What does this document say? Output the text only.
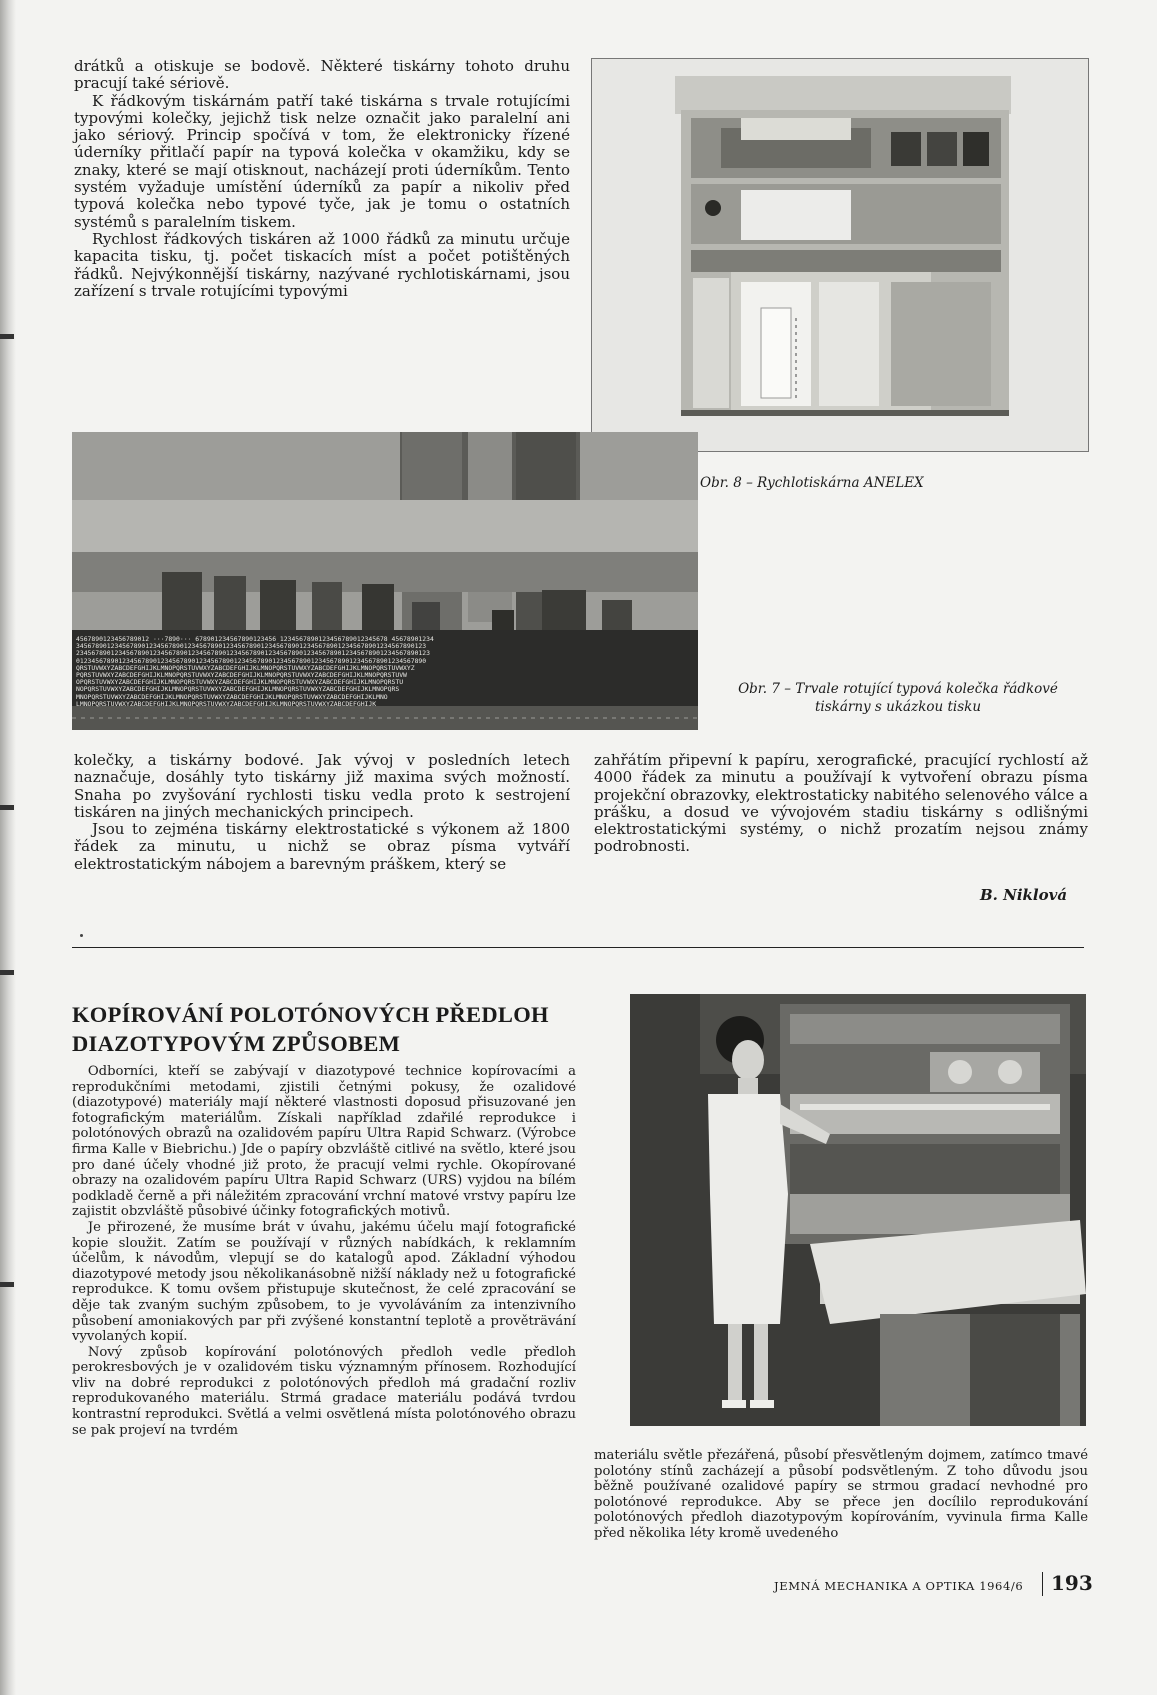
drátků a otiskuje se bodově. Některé tiskárny tohoto druhu pracují také sériově.

K řádkovým tiskárnám patří také tiskárna s trvale rotujícími typovými kolečky, jejichž tisk nelze označit jako paralelní ani jako sériový. Princip spočívá v tom, že elektronicky řízené úderníky přitlačí papír na typová kolečka v okamžiku, kdy se znaky, které se mají otisknout, nacházejí proti úderníkům. Tento systém vyžaduje umístění úderníků za papír a nikoliv před typová kolečka nebo typové tyče, jak je tomu o ostatních systémů s paralelním tiskem.

Rychlost řádkových tiskáren až 1000 řádků za minutu určuje kapacita tisku, tj. počet tiskacích míst a počet potištěných řádků. Nejvýkonnější tiskárny, nazývané rychlotiskárnami, jsou zařízení s trvale rotujícími typovými

Obr. 8 – Rychlotiskárna ANELEX

4567890123456789012 ···7890··· 678901234567890123456 1234567890123456789012345678 45678901234
3456789012345678901234567890123456789012345678901234567890123456789012345678901234567890123
23456789012345678901234567890123456789012345678901234567890123456789012345678901234567890123
0123456789012345678901234567890123456789012345678901234567890123456789012345678901234567890
QRSTUVWXYZABCDEFGHIJKLMNOPQRSTUVWXYZABCDEFGHIJKLMNOPQRSTUVWXYZABCDEFGHIJKLMNOPQRSTUVWXYZ
PQRSTUVWXYZABCDEFGHIJKLMNOPQRSTUVWXYZABCDEFGHIJKLMNOPQRSTUVWXYZABCDEFGHIJKLMNOPQRSTUVW
OPQRSTUVWXYZABCDEFGHIJKLMNOPQRSTUVWXYZABCDEFGHIJKLMNOPQRSTUVWXYZABCDEFGHIJKLMNOPQRSTU
NOPQRSTUVWXYZABCDEFGHIJKLMNOPQRSTUVWXYZABCDEFGHIJKLMNOPQRSTUVWXYZABCDEFGHIJKLMNOPQRS
MNOPQRSTUVWXYZABCDEFGHIJKLMNOPQRSTUVWXYZABCDEFGHIJKLMNOPQRSTUVWXYZABCDEFGHIJKLMNO
LMNOPQRSTUVWXYZABCDEFGHIJKLMNOPQRSTUVWXYZABCDEFGHIJKLMNOPQRSTUVWXYZABCDEFGHIJK

Obr. 7 – Trvale rotující typová kolečka řádkové

tiskárny s ukázkou tisku

kolečky, a tiskárny bodové. Jak vývoj v posledních letech naznačuje, dosáhly tyto tiskárny již maxima svých možností. Snaha po zvyšování rychlosti tisku vedla proto k sestrojení tiskáren na jiných mechanických principech.

Jsou to zejména tiskárny elektrostatické s výkonem až 1800 řádek za minutu, u nichž se obraz písma vytváří elektrostatickým nábojem a barevným práškem, který se

zahřátím připevní k papíru, xerografické, pracující rychlostí až 4000 řádek za minutu a používají k vytvoření obrazu písma projekční obrazovky, elektrostaticky nabitého selenového válce a prášku, a dosud ve vývojovém stadiu tiskárny s odlišnými elektrostatickými systémy, o nichž prozatím nejsou známy podrobnosti.

B. Niklová

KOPÍROVÁNÍ POLOTÓNOVÝCH PŘEDLOH
DIAZOTYPOVÝM ZPŮSOBEM

Odborníci, kteří se zabývají v diazotypové technice kopírovacími a reprodukčními metodami, zjistili četnými pokusy, že ozalidové (diazotypové) materiály mají některé vlastnosti doposud přisuzované jen fotografickým materiálům. Získali například zdařilé reprodukce i polotónových obrazů na ozalidovém papíru Ultra Rapid Schwarz. (Výrobce firma Kalle v Biebrichu.) Jde o papíry obzvláště citlivé na světlo, které jsou pro dané účely vhodné již proto, že pracují velmi rychle. Okopírované obrazy na ozalidovém papíru Ultra Rapid Schwarz (URS) vyjdou na bílém podkladě černě a při náležitém zpracování vrchní matové vrstvy papíru lze zajistit obzvláště působivé účinky fotografických motivů.

Je přirozené, že musíme brát v úvahu, jakému účelu mají fotografické kopie sloužit. Zatím se používají v různých nabídkách, k reklamním účelům, k návodům, vlepují se do katalogů apod. Základní výhodou diazotypové metody jsou několikanásobně nižší náklady než u fotografické reprodukce. K tomu ovšem přistupuje skutečnost, že celé zpracování se děje tak zvaným suchým způsobem, to je vyvoláváním za intenzivního působení amoniakových par při zvýšené konstantní teplotě a prověträvání vyvolaných kopií.

Nový způsob kopírování polotónových předloh vedle předloh perokresbových je v ozalidovém tisku významným přínosem. Rozhodující vliv na dobré reprodukci z polotónových předloh má gradační rozliv reprodukovaného materiálu. Strmá gradace materiálu podává tvrdou kontrastní reprodukci. Světlá a velmi osvětlená místa polotónového obrazu se pak projeví na tvrdém

materiálu světle přezářená, působí přesvětleným dojmem, zatímco tmavé polotóny stínů zacházejí a působí podsvětleným. Z toho důvodu jsou běžně používané ozalidové papíry se strmou gradací nevhodné pro polotónové reprodukce. Aby se přece jen docílilo reprodukování polotónových předloh diazotypovým kopírováním, vyvinula firma Kalle před několika léty kromě uvedeného

JEMNÁ MECHANIKA A OPTIKA 1964/6 193
